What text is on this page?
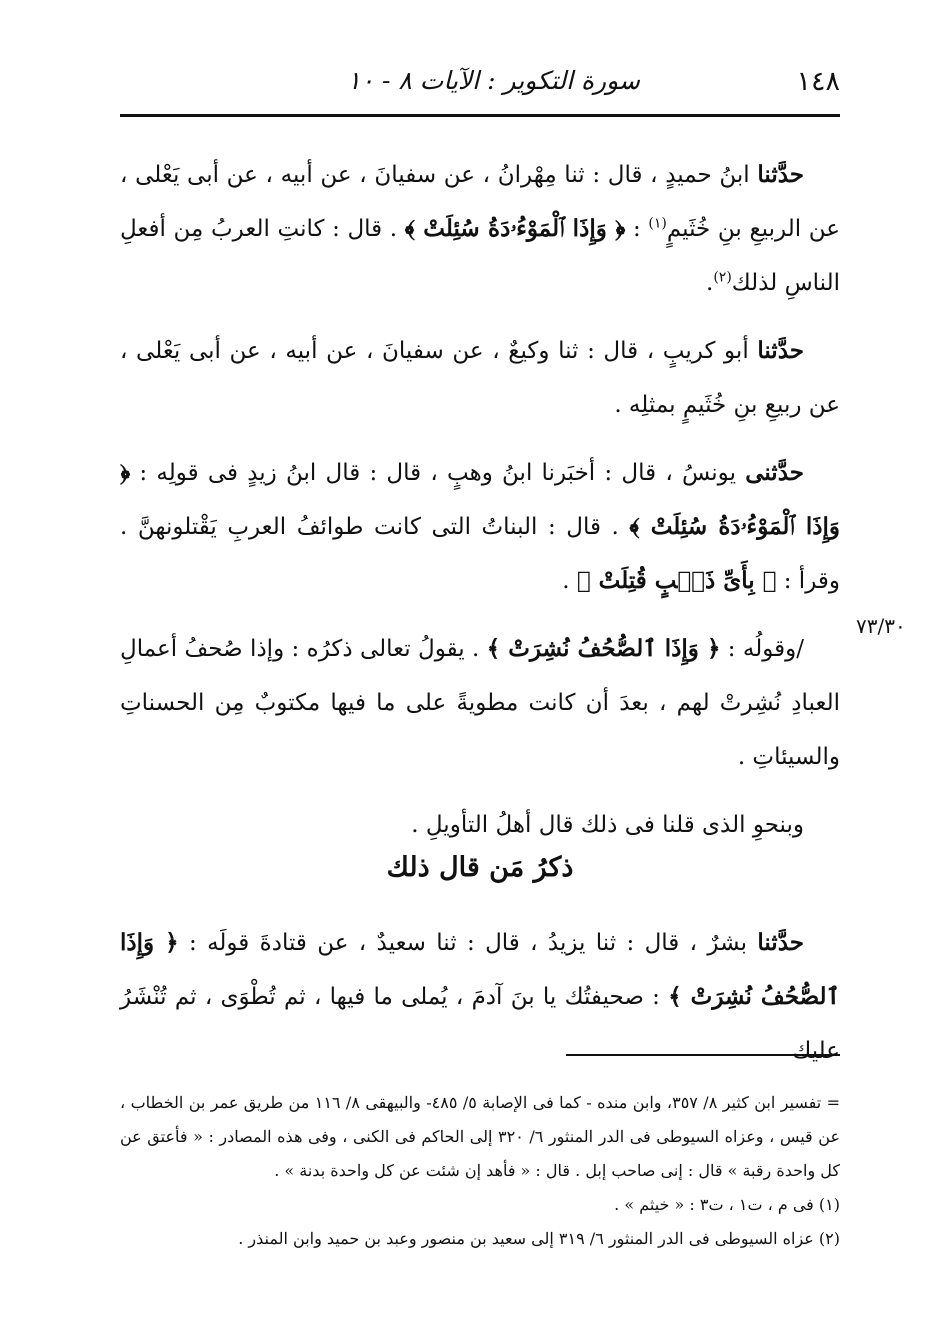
١٤٨
سورة التكوير : الآيات ٨ - ١٠
٧٣/٣٠

حدَّثنا ابنُ حميدٍ ، قال : ثنا مِهْرانُ ، عن سفيانَ ، عن أبيه ، عن أبى يَعْلى ، عن الربيعِ بنِ خُثَيمٍ$^{(١)}$ : ﴿ وَإِذَا ٱلْمَوْءُۥدَةُ سُئِلَتْ ﴾ . قال : كانتِ العربُ مِن أفعلِ الناسِ لذلك$^{(٢)}$.

حدَّثنا أبو كريبٍ ، قال : ثنا وكيعٌ ، عن سفيانَ ، عن أبيه ، عن أبى يَعْلى ، عن ربيعِ بنِ خُثَيمٍ بمثلِه .

حدَّثنى يونسُ ، قال : أخبَرنا ابنُ وهبٍ ، قال : قال ابنُ زيدٍ فى قولِه : ﴿ وَإِذَا ٱلْمَوْءُۥدَةُ سُئِلَتْ ﴾ . قال : البناتُ التى كانت طوائفُ العربِ يَقْتلونهنَّ . وقرأ : ﴿ بِأَىِّ ذَنۢبٍ قُتِلَتْ ﴾ .

/وقولُه : ﴿ وَإِذَا ٱلصُّحُفُ نُشِرَتْ ﴾ . يقولُ تعالى ذكرُه : وإذا صُحفُ أعمالِ العبادِ نُشِرتْ لهم ، بعدَ أن كانت مطويةً على ما فيها مكتوبٌ مِن الحسناتِ والسيئاتِ .

وبنحوِ الذى قلنا فى ذلك قال أهلُ التأويلِ .

ذكرُ مَن قال ذلك

حدَّثنا بشرٌ ، قال : ثنا يزيدُ ، قال : ثنا سعيدٌ ، عن قتادةَ قولَه : ﴿ وَإِذَا ٱلصُّحُفُ نُشِرَتْ ﴾ : صحيفتُك يا بنَ آدمَ ، يُملى ما فيها ، ثم تُطْوَى ، ثم تُنْشَرُ عليك

= تفسير ابن كثير ٨/ ٣٥٧، وابن منده - كما فى الإصابة ٥/ ٤٨٥- والبيهقى ٨/ ١١٦ من طريق عمر بن الخطاب ، عن قيس ، وعزاه السيوطى فى الدر المنثور ٦/ ٣٢٠ إلى الحاكم فى الكنى ، وفى هذه المصادر : « فأعتق عن كل واحدة رقبة » قال : إنى صاحب إبل . قال : « فأهد إن شئت عن كل واحدة بدنة » .

(١) فى م ، ت١ ، ت٣ : « خيثم » .

(٢) عزاه السيوطى فى الدر المنثور ٦/ ٣١٩ إلى سعيد بن منصور وعبد بن حميد وابن المنذر .
